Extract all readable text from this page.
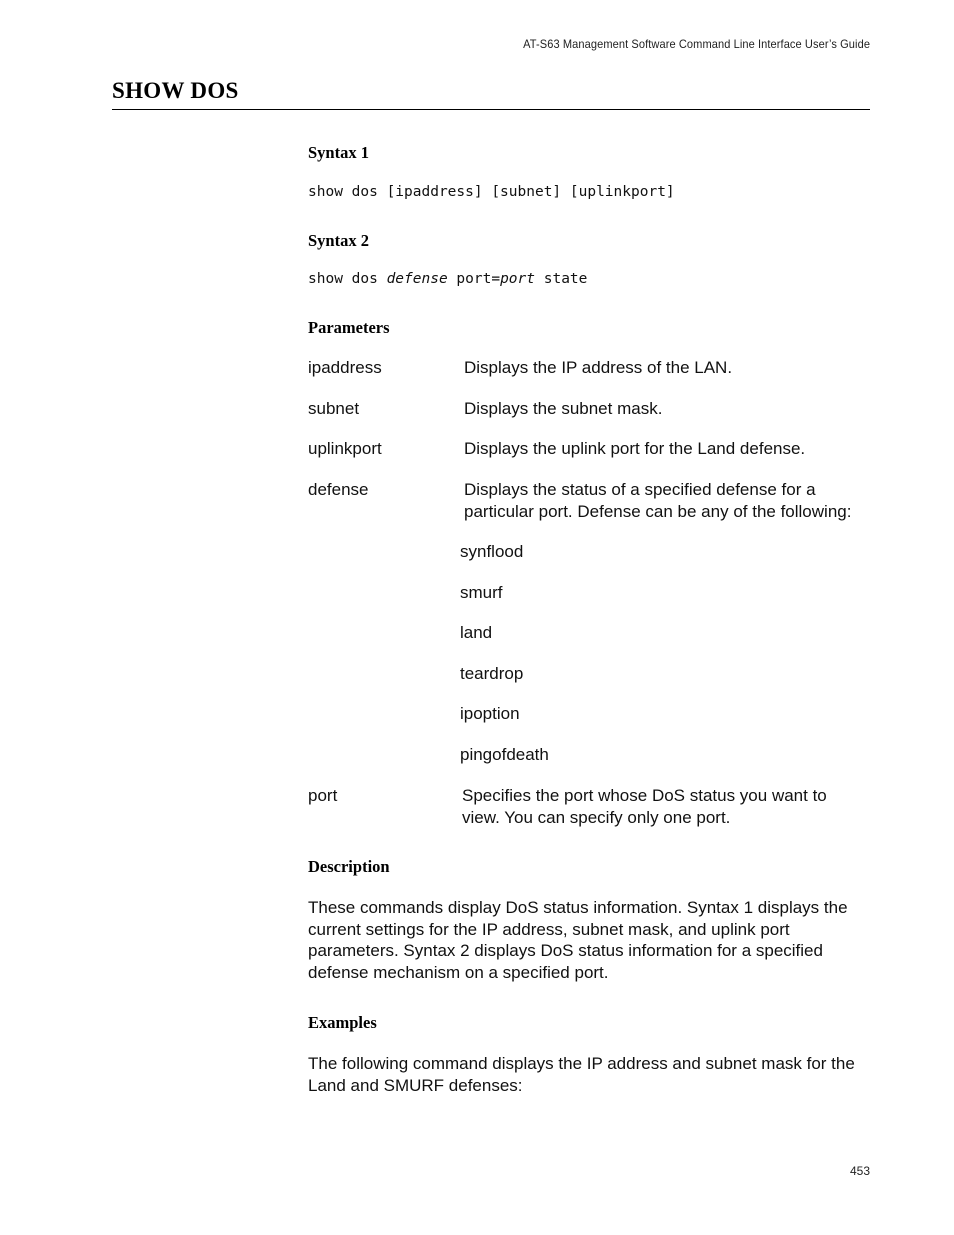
AT-S63 Management Software Command Line Interface User’s Guide
SHOW DOS
Syntax 1
show dos [ipaddress] [subnet] [uplinkport]
Syntax 2
show dos defense port=port state
Parameters
ipaddress	Displays the IP address of the LAN.
subnet	Displays the subnet mask.
uplinkport	Displays the uplink port for the Land defense.
defense	Displays the status of a specified defense for a particular port. Defense can be any of the following:
synflood
smurf
land
teardrop
ipoption
pingofdeath
port	Specifies the port whose DoS status you want to view. You can specify only one port.
Description
These commands display DoS status information. Syntax 1 displays the current settings for the IP address, subnet mask, and uplink port parameters. Syntax 2 displays DoS status information for a specified defense mechanism on a specified port.
Examples
The following command displays the IP address and subnet mask for the Land and SMURF defenses:
453
